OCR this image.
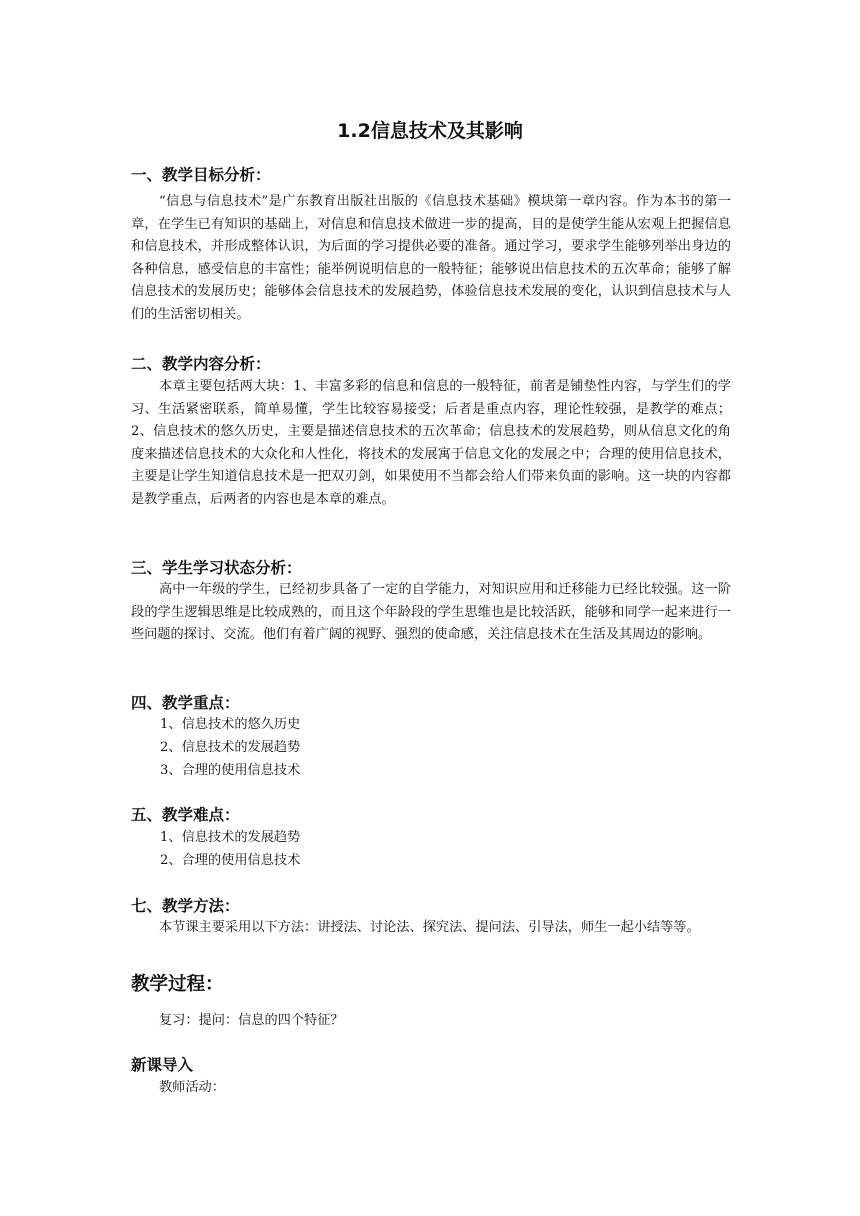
1.2信息技术及其影响
一、教学目标分析：
“信息与信息技术”是广东教育出版社出版的《信息技术基础》模块第一章内容。作为本书的第一章，在学生已有知识的基础上，对信息和信息技术做进一步的提高，目的是使学生能从宏观上把握信息和信息技术，并形成整体认识，为后面的学习提供必要的准备。通过学习，要求学生能够列举出身边的各种信息，感受信息的丰富性；能举例说明信息的一般特征；能够说出信息技术的五次革命；能够了解信息技术的发展历史；能够体会信息技术的发展趋势，体验信息技术发展的变化，认识到信息技术与人们的生活密切相关。
二、教学内容分析：
本章主要包括两大块：1、丰富多彩的信息和信息的一般特征，前者是铺垫性内容，与学生们的学习、生活紧密联系，简单易懂，学生比较容易接受；后者是重点内容，理论性较强，是教学的难点；2、信息技术的悠久历史，主要是描述信息技术的五次革命；信息技术的发展趋势，则从信息文化的角度来描述信息技术的大众化和人性化，将技术的发展寓于信息文化的发展之中；合理的使用信息技术，主要是让学生知道信息技术是一把双刃剑，如果使用不当都会给人们带来负面的影响。这一块的内容都是教学重点，后两者的内容也是本章的难点。
三、学生学习状态分析：
高中一年级的学生，已经初步具备了一定的自学能力，对知识应用和迁移能力已经比较强。这一阶段的学生逻辑思维是比较成熟的，而且这个年龄段的学生思维也是比较活跃，能够和同学一起来进行一些问题的探讨、交流。他们有着广阔的视野、强烈的使命感，关注信息技术在生活及其周边的影响。
四、教学重点：
1、信息技术的悠久历史
2、信息技术的发展趋势
3、合理的使用信息技术
五、教学难点：
1、信息技术的发展趋势
2、合理的使用信息技术
七、教学方法：
本节课主要采用以下方法：讲授法、讨论法、探究法、提问法、引导法，师生一起小结等等。
教学过程：
复习：提问：信息的四个特征？
新课导入
教师活动：
